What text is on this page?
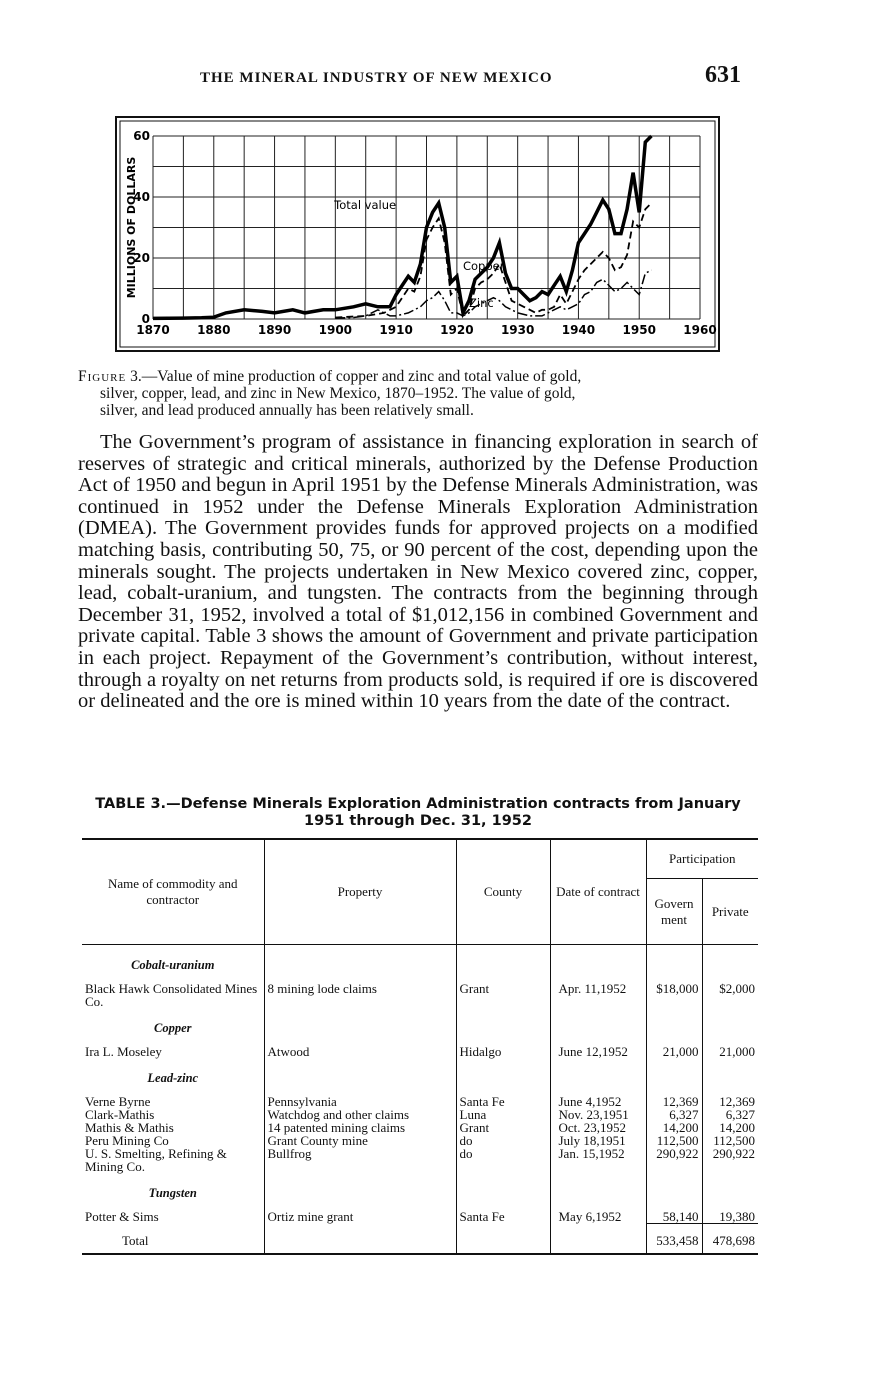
THE MINERAL INDUSTRY OF NEW MEXICO	631
1870 1880 1890 1900 1910 1920 1930 1940 1950 1960
0
20
40
60
MILLIONS OF DOLLARS	Total value
Copper
Zinc
Figure 3.—Value of mine production of copper and zinc and total value of gold,
silver, copper, lead, and zinc in New Mexico, 1870–1952. The value of gold,
silver, and lead produced annually has been relatively small.
The Government’s program of assistance in financing exploration in search of reserves of strategic and critical minerals, authorized by the Defense Production Act of 1950 and begun in April 1951 by the Defense Minerals Administration, was continued in 1952 under the Defense Minerals Exploration Administration (DMEA). The Government provides funds for approved projects on a modified matching basis, contributing 50, 75, or 90 percent of the cost, depending upon the minerals sought. The projects undertaken in New Mexico covered zinc, copper, lead, cobalt-uranium, and tungsten. The contracts from the beginning through December 31, 1952, involved a total of $1,012,156 in combined Government and private capital. Table 3 shows the amount of Government and private participation in each project. Repayment of the Government’s contribution, without interest, through a royalty on net returns from products sold, is required if ore is discovered or delineated and the ore is mined within 10 years from the date of the contract.
TABLE 3.—Defense Minerals Exploration Administration contracts from January
1951 through Dec. 31, 1952
Name of commodity and contractor	Property	County	Date of contract	Participation	
				Government	Private
Cobalt-uranium					
Black Hawk Consolidated Mines Co.	8 mining lode claims	Grant	Apr. 11,1952	$18,000	$2,000
Copper					
Ira L. Moseley	Atwood	Hidalgo	June 12,1952	21,000	21,000
Lead-zinc					
Verne Byrne	Pennsylvania	Santa Fe	June 4,1952	12,369	12,369
Clark-Mathis	Watchdog and other claims	Luna	Nov. 23,1951	6,327	6,327
Mathis & Mathis	14 patented mining claims	Grant	Oct. 23,1952	14,200	14,200
Peru Mining Co	Grant County mine	do	July 18,1951	112,500	112,500
U. S. Smelting, Refining & Mining Co.	Bullfrog	do	Jan. 15,1952	290,922	290,922
Tungsten					
Potter & Sims	Ortiz mine grant	Santa Fe	May 6,1952	58,140	19,380
Total				533,458	478,698
